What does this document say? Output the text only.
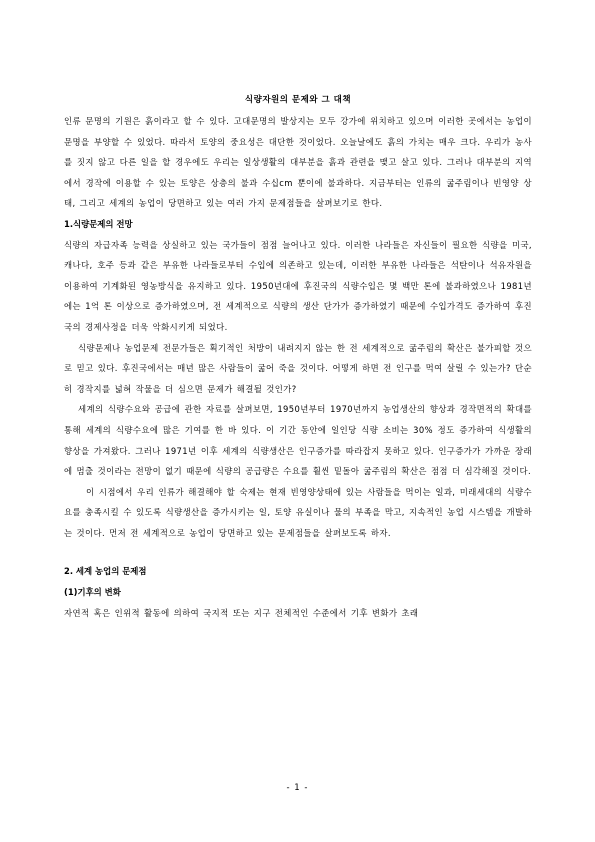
식량자원의 문제와 그 대책

인류 문명의 기원은 흙이라고 할 수 있다. 고대문명의 발상지는 모두 강가에 위치하고 있으며 이러한 곳에서는 농업이 문명을 부양할 수 있었다. 따라서 토양의 중요성은 대단한 것이었다. 오늘날에도 흙의 가치는 매우 크다. 우리가 농사를 짓지 않고 다른 일을 할 경우에도 우리는 일상생활의 대부분을 흙과 관련을 맺고 살고 있다. 그러나 대부분의 지역에서 경작에 이용할 수 있는 토양은 상층의 불과 수십cm 뿐이에 불과하다. 지금부터는 인류의 굶주림이나 빈영양 상태, 그리고 세계의 농업이 당면하고 있는 여러 가지 문제점들을 살펴보기로 한다.

1.식량문제의 전망

식량의 자급자족 능력을 상실하고 있는 국가들이 점점 늘어나고 있다. 이러한 나라들은 자신들이 필요한 식량을 미국, 캐나다, 호주 등과 같은 부유한 나라들로부터 수입에 의존하고 있는데, 이러한 부유한 나라들은 석탄이나 석유자원을 이용하여 기계화된 영농방식을 유지하고 있다. 1950년대에 후진국의 식량수입은 몇 백만 톤에 불과하였으나 1981년에는 1억 톤 이상으로 증가하였으며, 전 세계적으로 식량의 생산 단가가 증가하였기 때문에 수입가격도 증가하여 후진국의 경제사정을 더욱 악화시키게 되었다.

식량문제나 농업문제 전문가들은 획기적인 처방이 내려지지 않는 한 전 세계적으로 굶주림의 확산은 불가피할 것으로 믿고 있다. 후진국에서는 매년 많은 사람들이 굶어 죽을 것이다. 어떻게 하면 전 인구를 먹여 살릴 수 있는가? 단순히 경작지를 넓혀 작물을 더 심으면 문제가 해결될 것인가?

세계의 식량수요와 공급에 관한 자료를 살펴보면, 1950년부터 1970년까지 농업생산의 향상과 경작면적의 확대를 통해 세계의 식량수요에 많은 기여를 한 바 있다. 이 기간 동안에 일인당 식량 소비는 30% 정도 증가하여 식생활의 향상을 가져왔다. 그러나 1971년 이후 세계의 식량생산은 인구증가를 따라잡지 못하고 있다. 인구증가가 가까운 장래에 멈출 것이라는 전망이 없기 때문에 식량의 공급량은 수요를 훨씬 밑돌아 굶주림의 확산은 점점 더 심각해질 것이다.

이 시점에서 우리 인류가 해결해야 할 숙제는 현재 빈영양상태에 있는 사람들을 먹이는 일과, 미래세대의 식량수요를 충족시킬 수 있도록 식량생산을 증가시키는 일, 토양 유실이나 물의 부족을 막고, 지속적인 농업 시스템을 개발하는 것이다. 먼저 전 세계적으로 농업이 당면하고 있는 문제점들을 살펴보도록 하자.

2. 세계 농업의 문제점

(1)기후의 변화

자연적 혹은 인위적 활동에 의하여 국지적 또는 지구 전체적인 수준에서 기후 변화가 초래

- 1 -
